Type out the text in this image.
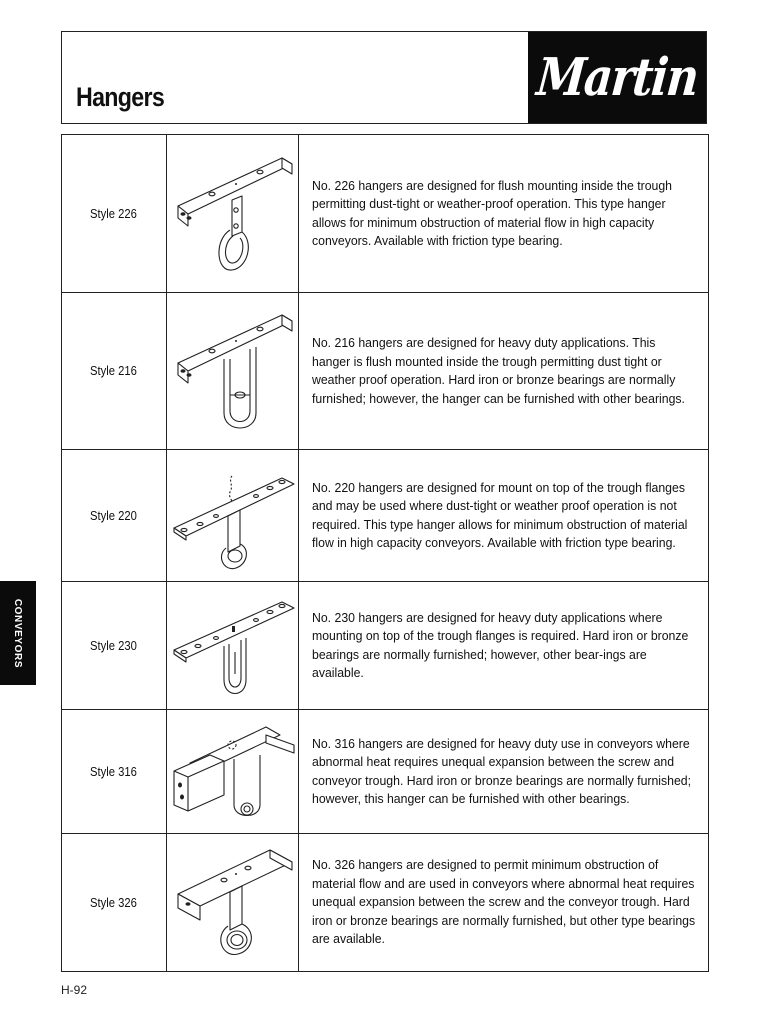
Hangers	Martin
Style 226		No. 226 hangers are designed for flush mounting inside the trough permitting dust-tight or weather-proof operation. This type hanger allows for minimum obstruction of material flow in high capacity conveyors. Available with friction type bearing.

Style 216		No. 216 hangers are designed for heavy duty applications. This hanger is flush mounted inside the trough permitting dust tight or weather proof operation. Hard iron or bronze bearings are normally furnished; however, the hanger can be furnished with other bearings.

Style 220		No. 220 hangers are designed for mount on top of the trough flanges and may be used where dust-tight or weather proof operation is not required. This type hanger allows for minimum obstruction of material flow in high capacity conveyors. Available with friction type bearing.

Style 230		No. 230 hangers are designed for heavy duty applications where mounting on top of the trough flanges is required. Hard iron or bronze bearings are normally furnished; however, other bear-ings are available.

Style 316		No. 316 hangers are designed for heavy duty use in conveyors where abnormal heat requires unequal expansion between the screw and conveyor trough. Hard iron or bronze bearings are normally furnished; however, this hanger can be furnished with other bearings.

Style 326		No. 326 hangers are designed to permit minimum obstruction of material flow and are used in conveyors where abnormal heat requires unequal expansion between the screw and the conveyor trough. Hard iron or bronze bearings are normally furnished, but other type bearings are available.

CONVEYORS
H-92
